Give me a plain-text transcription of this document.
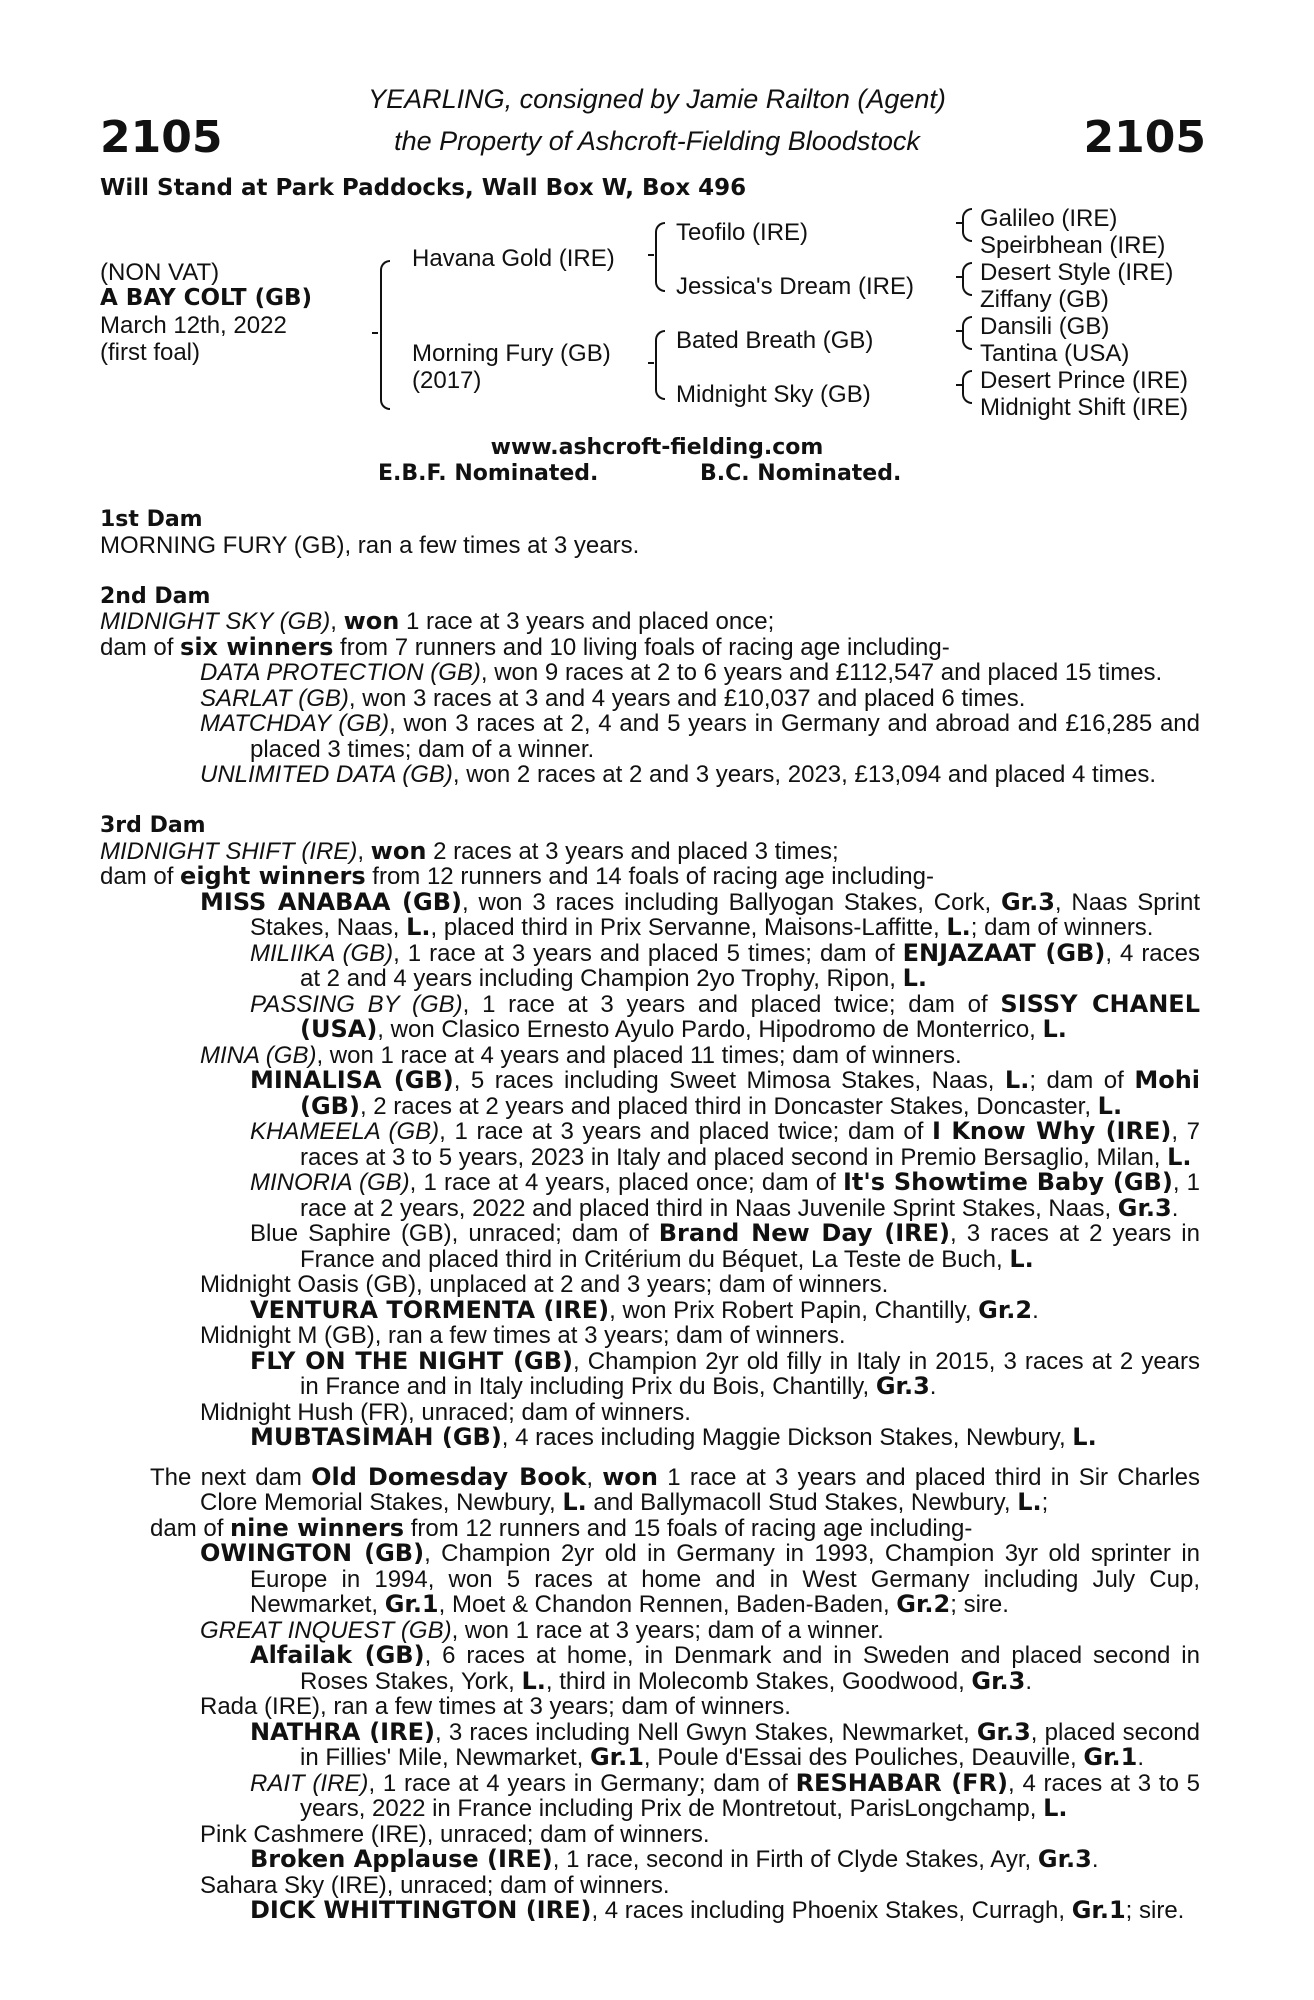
2105	2105
YEARLING, consigned by Jamie Railton (Agent)
the Property of Ashcroft-Fielding Bloodstock
Will Stand at Park Paddocks, Wall Box W, Box 496
(NON VAT)
A BAY COLT (GB)
March 12th, 2022
(first foal)
Havana Gold (IRE)
Morning Fury (GB)
(2017)
Teofilo (IRE)
Jessica's Dream (IRE)
Bated Breath (GB)
Midnight Sky (GB)
Galileo (IRE)
Speirbhean (IRE)
Desert Style (IRE)
Ziffany (GB)
Dansili (GB)
Tantina (USA)
Desert Prince (IRE)
Midnight Shift (IRE)
www.ashcroft-fielding.com
E.B.F. Nominated.	B.C. Nominated.
1st Dam
MORNING FURY (GB), ran a few times at 3 years.
2nd Dam
MIDNIGHT SKY (GB), won 1 race at 3 years and placed once;
dam of six winners from 7 runners and 10 living foals of racing age including-
DATA PROTECTION (GB), won 9 races at 2 to 6 years and £112,547 and placed 15 times.
SARLAT (GB), won 3 races at 3 and 4 years and £10,037 and placed 6 times.
MATCHDAY (GB), won 3 races at 2, 4 and 5 years in Germany and abroad and £16,285 and placed 3 times; dam of a winner.
UNLIMITED DATA (GB), won 2 races at 2 and 3 years, 2023, £13,094 and placed 4 times.
3rd Dam
MIDNIGHT SHIFT (IRE), won 2 races at 3 years and placed 3 times;
dam of eight winners from 12 runners and 14 foals of racing age including-
MISS ANABAA (GB), won 3 races including Ballyogan Stakes, Cork, Gr.3, Naas Sprint Stakes, Naas, L., placed third in Prix Servanne, Maisons-Laffitte, L.; dam of winners.
MILIIKA (GB), 1 race at 3 years and placed 5 times; dam of ENJAZAAT (GB), 4 races at 2 and 4 years including Champion 2yo Trophy, Ripon, L.
PASSING BY (GB), 1 race at 3 years and placed twice; dam of SISSY CHANEL (USA), won Clasico Ernesto Ayulo Pardo, Hipodromo de Monterrico, L.
MINA (GB), won 1 race at 4 years and placed 11 times; dam of winners.
MINALISA (GB), 5 races including Sweet Mimosa Stakes, Naas, L.; dam of Mohi (GB), 2 races at 2 years and placed third in Doncaster Stakes, Doncaster, L.
KHAMEELA (GB), 1 race at 3 years and placed twice; dam of I Know Why (IRE), 7 races at 3 to 5 years, 2023 in Italy and placed second in Premio Bersaglio, Milan, L.
MINORIA (GB), 1 race at 4 years, placed once; dam of It's Showtime Baby (GB), 1 race at 2 years, 2022 and placed third in Naas Juvenile Sprint Stakes, Naas, Gr.3.
Blue Saphire (GB), unraced; dam of Brand New Day (IRE), 3 races at 2 years in France and placed third in Critérium du Béquet, La Teste de Buch, L.
Midnight Oasis (GB), unplaced at 2 and 3 years; dam of winners.
VENTURA TORMENTA (IRE), won Prix Robert Papin, Chantilly, Gr.2.
Midnight M (GB), ran a few times at 3 years; dam of winners.
FLY ON THE NIGHT (GB), Champion 2yr old filly in Italy in 2015, 3 races at 2 years in France and in Italy including Prix du Bois, Chantilly, Gr.3.
Midnight Hush (FR), unraced; dam of winners.
MUBTASIMAH (GB), 4 races including Maggie Dickson Stakes, Newbury, L.
The next dam Old Domesday Book, won 1 race at 3 years and placed third in Sir Charles Clore Memorial Stakes, Newbury, L. and Ballymacoll Stud Stakes, Newbury, L.;
dam of nine winners from 12 runners and 15 foals of racing age including-
OWINGTON (GB), Champion 2yr old in Germany in 1993, Champion 3yr old sprinter in Europe in 1994, won 5 races at home and in West Germany including July Cup, Newmarket, Gr.1, Moet & Chandon Rennen, Baden-Baden, Gr.2; sire.
GREAT INQUEST (GB), won 1 race at 3 years; dam of a winner.
Alfailak (GB), 6 races at home, in Denmark and in Sweden and placed second in Roses Stakes, York, L., third in Molecomb Stakes, Goodwood, Gr.3.
Rada (IRE), ran a few times at 3 years; dam of winners.
NATHRA (IRE), 3 races including Nell Gwyn Stakes, Newmarket, Gr.3, placed second in Fillies' Mile, Newmarket, Gr.1, Poule d'Essai des Pouliches, Deauville, Gr.1.
RAIT (IRE), 1 race at 4 years in Germany; dam of RESHABAR (FR), 4 races at 3 to 5 years, 2022 in France including Prix de Montretout, ParisLongchamp, L.
Pink Cashmere (IRE), unraced; dam of winners.
Broken Applause (IRE), 1 race, second in Firth of Clyde Stakes, Ayr, Gr.3.
Sahara Sky (IRE), unraced; dam of winners.
DICK WHITTINGTON (IRE), 4 races including Phoenix Stakes, Curragh, Gr.1; sire.
